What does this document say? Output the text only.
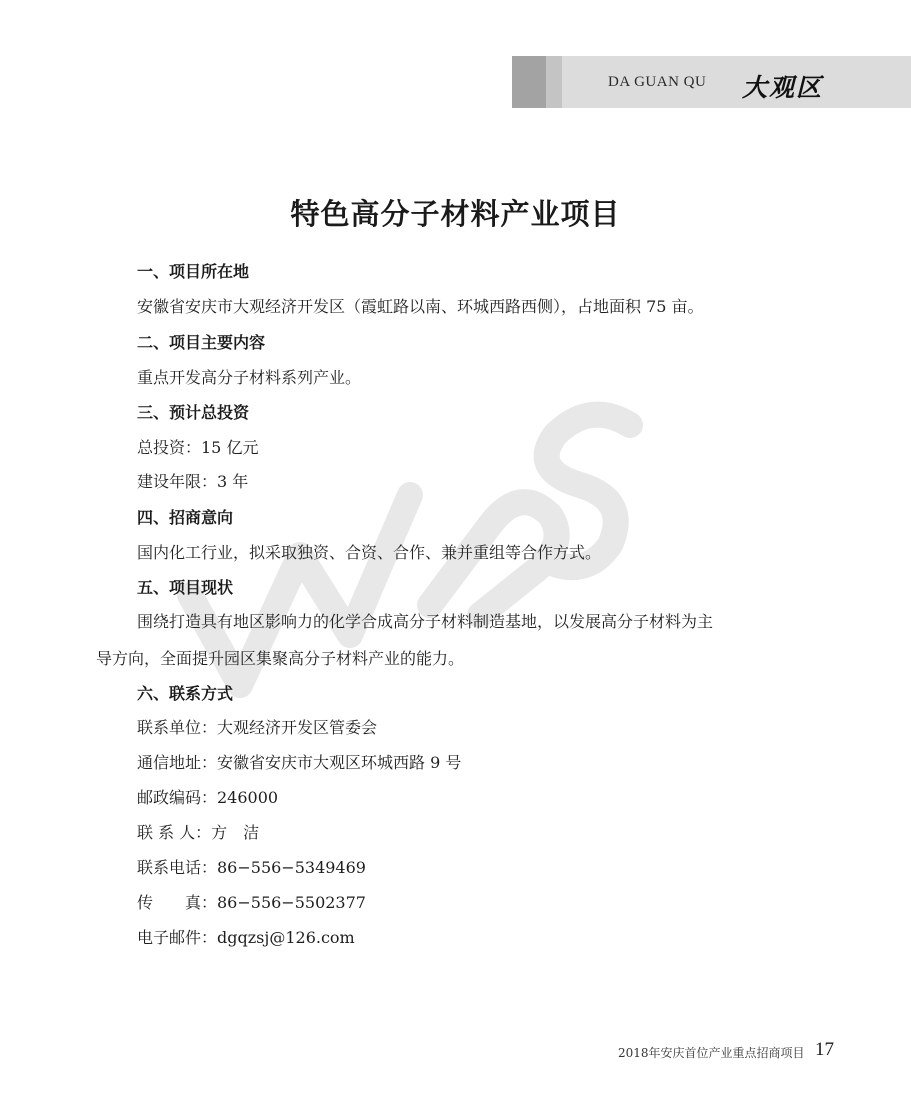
DA GUAN QU 大观区
特色高分子材料产业项目
一、项目所在地
安徽省安庆市大观经济开发区（霞虹路以南、环城西路西侧），占地面积 75 亩。
二、项目主要内容
重点开发高分子材料系列产业。
三、预计总投资
总投资：15 亿元
建设年限：3 年
四、招商意向
国内化工行业，拟采取独资、合资、合作、兼并重组等合作方式。
五、项目现状
围绕打造具有地区影响力的化学合成高分子材料制造基地，以发展高分子材料为主
导方向，全面提升园区集聚高分子材料产业的能力。
六、联系方式
联系单位：大观经济开发区管委会
通信地址：安徽省安庆市大观区环城西路 9 号
邮政编码：246000
联 系 人：方　洁
联系电话：86−556−5349469
传　　真：86−556−5502377
电子邮件：dgqzsj@126.com
2018年安庆首位产业重点招商项目 17
